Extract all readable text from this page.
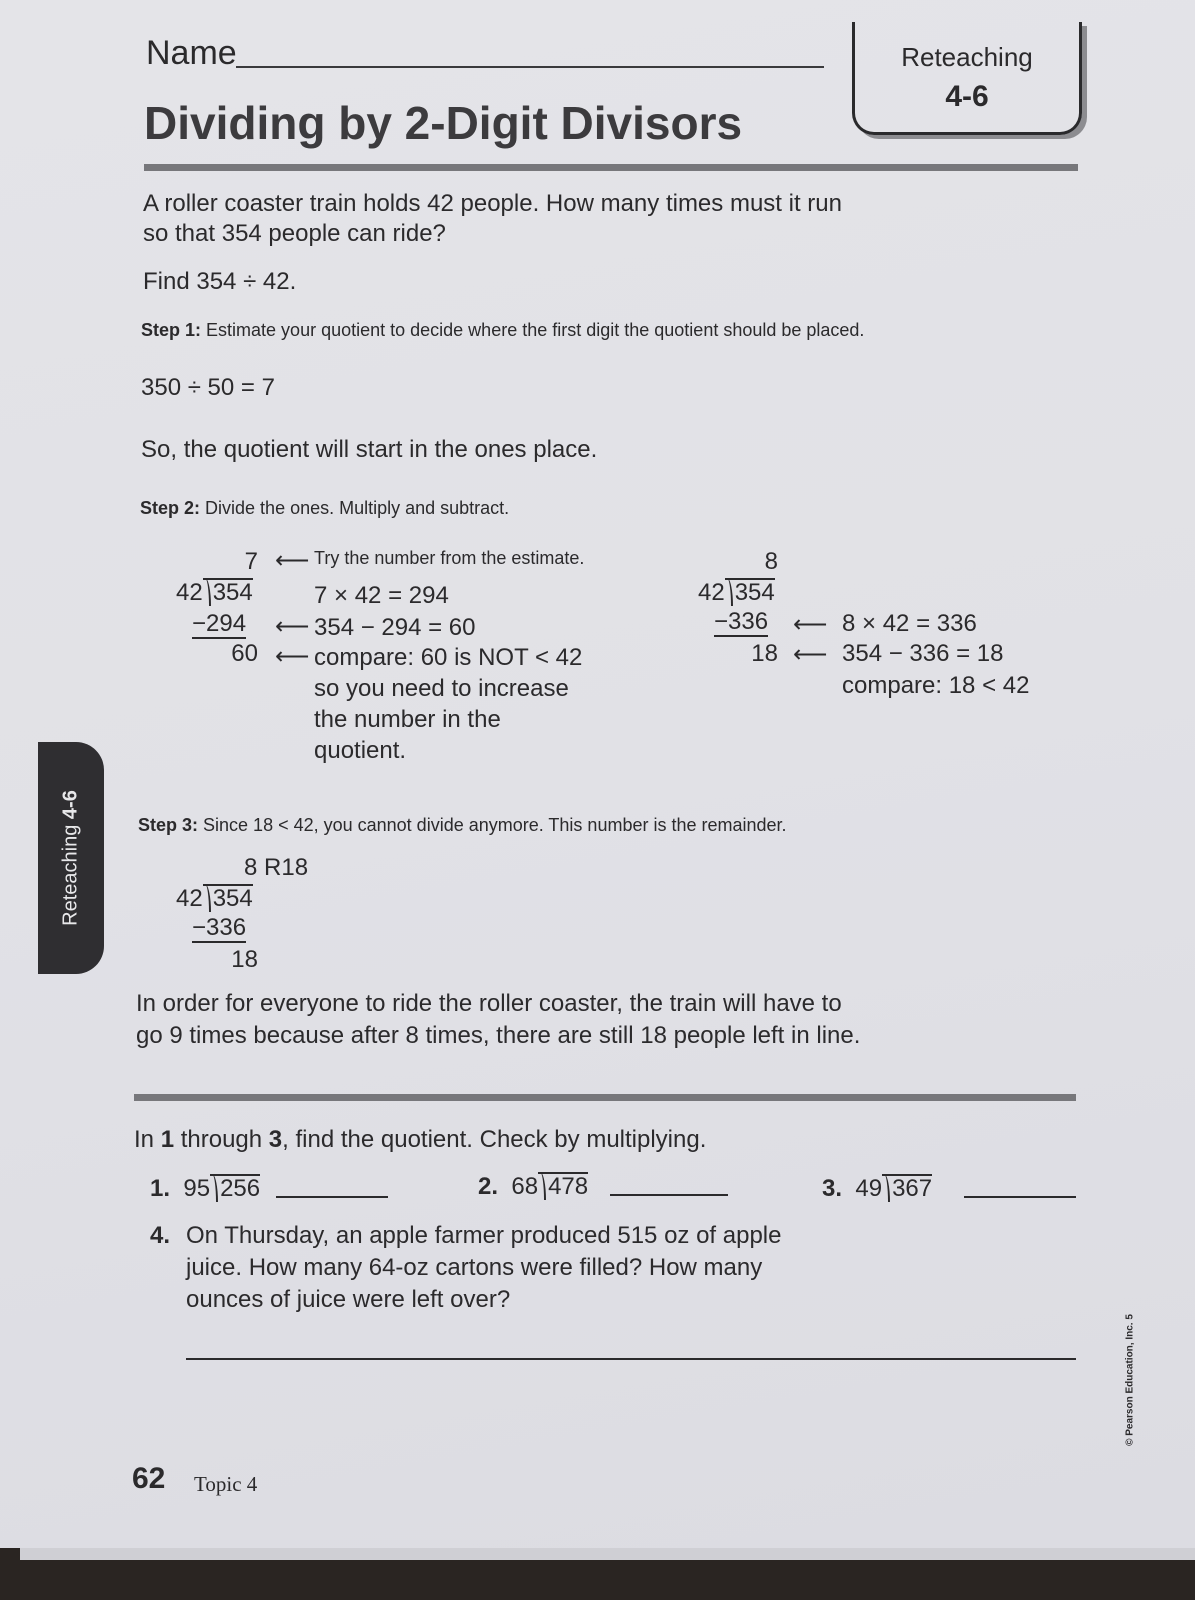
Name
Dividing by 2-Digit Divisors
Reteaching
4-6
A roller coaster train holds 42 people. How many times must it run
so that 354 people can ride?
Find 354 ÷ 42.
Step 1: Estimate your quotient to decide where the first digit the quotient should be placed.
350 ÷ 50 = 7
So, the quotient will start in the ones place.
Step 2: Divide the ones. Multiply and subtract.
7 ⟵ Try the number from the estimate.
42 354	7 × 42 = 294
−294 ⟵ 354 − 294 = 60
60 ⟵ compare: 60 is NOT < 42
so you need to increase
the number in the
quotient.
8
42 354
−336 ⟵ 8 × 42 = 336
18 ⟵ 354 − 336 = 18
compare: 18 < 42
Reteaching 4-6
Step 3: Since 18 < 42, you cannot divide anymore. This number is the remainder.
8 R18
42 354
−336
18
In order for everyone to ride the roller coaster, the train will have to
go 9 times because after 8 times, there are still 18 people left in line.
In 1 through 3, find the quotient. Check by multiplying.
1. 95 256	2. 68 478	3. 49 367
4. On Thursday, an apple farmer produced 515 oz of apple
juice. How many 64-oz cartons were filled? How many
ounces of juice were left over?
© Pearson Education, Inc. 5
62 Topic 4
